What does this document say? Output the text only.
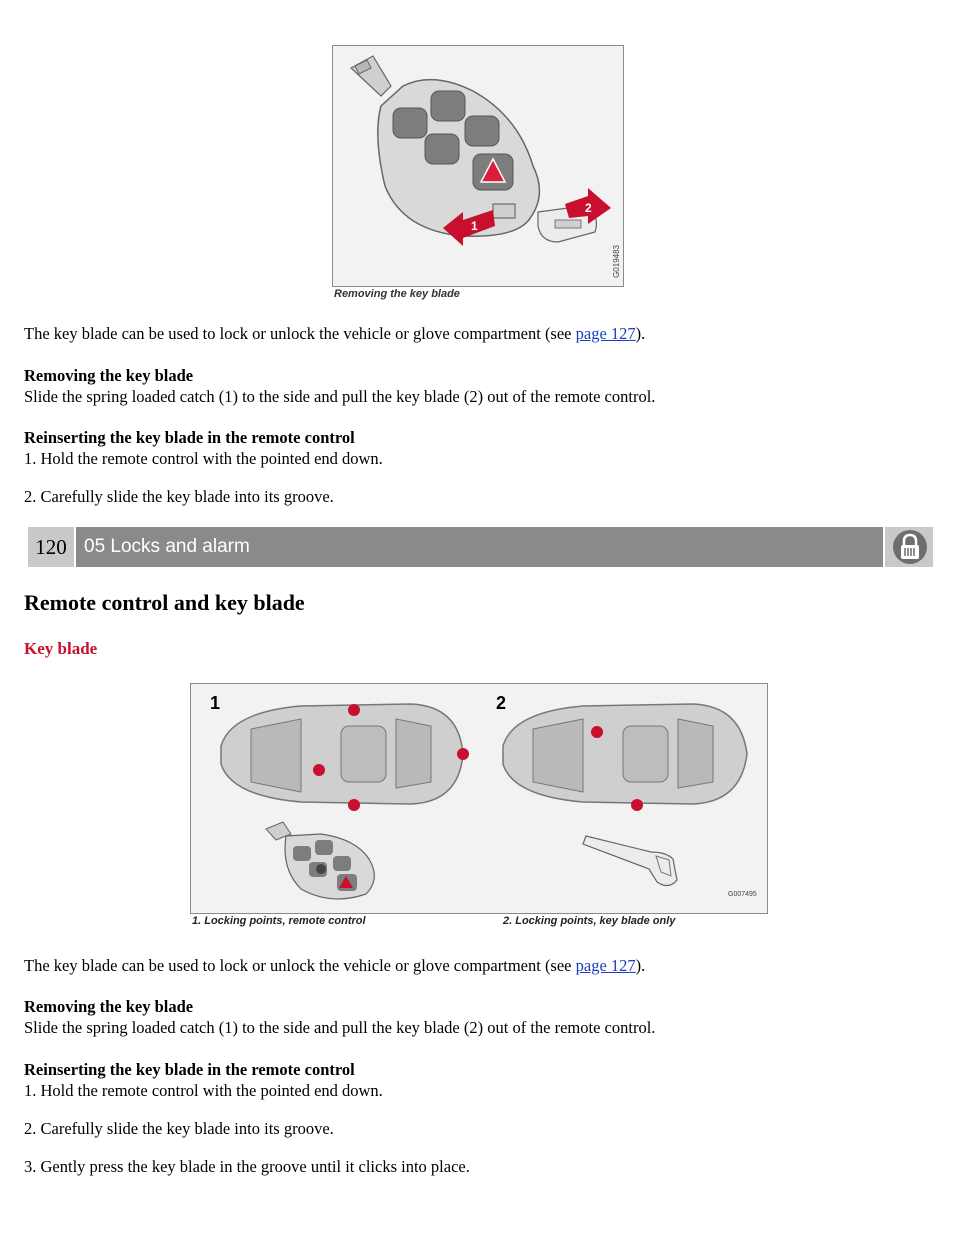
1
2
G019483
Removing the key blade

The key blade can be used to lock or unlock the vehicle or glove compartment (see page 127).

Removing the key blade

Slide the spring loaded catch (1) to the side and pull the key blade (2) out of the remote control.

Reinserting the key blade in the remote control

1. Hold the remote control with the pointed end down.

2. Carefully slide the key blade into its groove.

120 05 Locks and alarm
Remote control and key blade
Key blade
1	2
G007495
1. Locking points, remote control	2. Locking points, key blade only

The key blade can be used to lock or unlock the vehicle or glove compartment (see page 127).

Removing the key blade

Slide the spring loaded catch (1) to the side and pull the key blade (2) out of the remote control.

Reinserting the key blade in the remote control

1. Hold the remote control with the pointed end down.

2. Carefully slide the key blade into its groove.

3. Gently press the key blade in the groove until it clicks into place.
